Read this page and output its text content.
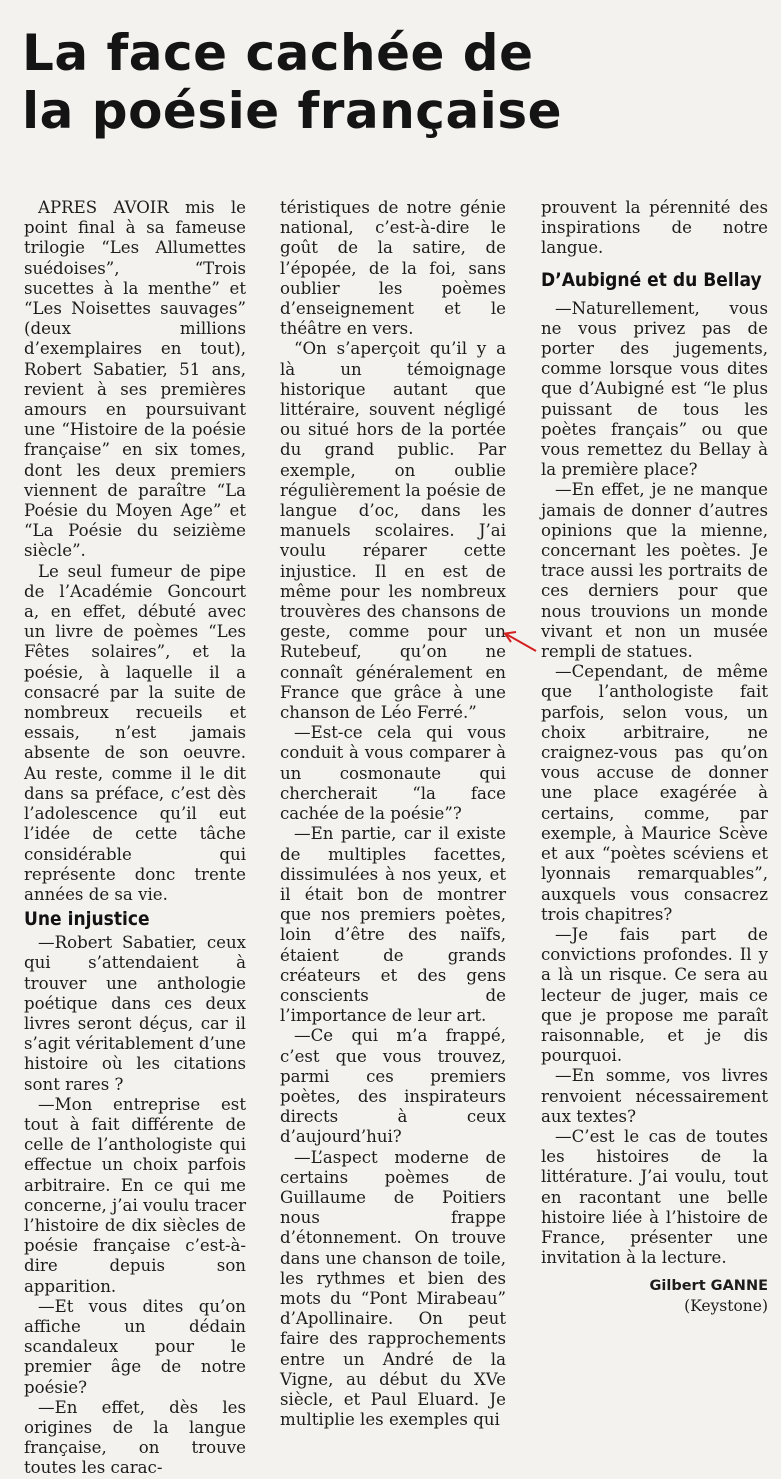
La face cachée de
la poésie française

APRES AVOIR mis le point final à sa fameuse trilogie “Les Allumettes suédoises”, “Trois sucettes à la menthe” et “Les Noisettes sauvages” (deux millions d’exemplaires en tout), Robert Sabatier, 51 ans, revient à ses premières amours en poursuivant une “Histoire de la poésie française” en six tomes, dont les deux premiers viennent de paraître “La Poésie du Moyen Age” et “La Poésie du seizième siècle”.

Le seul fumeur de pipe de l’Académie Goncourt a, en effet, débuté avec un livre de poèmes “Les Fêtes solaires”, et la poésie, à laquelle il a consacré par la suite de nombreux recueils et essais, n’est jamais absente de son oeuvre. Au reste, comme il le dit dans sa préface, c’est dès l’adolescence qu’il eut l’idée de cette tâche considérable qui représente donc trente années de sa vie.

Une injustice

—Robert Sabatier, ceux qui s’attendaient à trouver une anthologie poétique dans ces deux livres seront déçus, car il s’agit véritablement d’une histoire où les citations sont rares ?

—Mon entreprise est tout à fait différente de celle de l’anthologiste qui effectue un choix parfois arbitraire. En ce qui me concerne, j’ai voulu tracer l’histoire de dix siècles de poésie française c’est-à-dire depuis son apparition.

—Et vous dites qu’on affiche un dédain scandaleux pour le premier âge de notre poésie?

—En effet, dès les origines de la langue française, on trouve toutes les carac-

téristiques de notre génie national, c’est-à-dire le goût de la satire, de l’épopée, de la foi, sans oublier les poèmes d’enseignement et le théâtre en vers.

“On s’aperçoit qu’il y a là un témoignage historique autant que littéraire, souvent négligé ou situé hors de la portée du grand public. Par exemple, on oublie régulièrement la poésie de langue d’oc, dans les manuels scolaires. J’ai voulu réparer cette injustice. Il en est de même pour les nombreux trouvères des chansons de geste, comme pour un Rutebeuf, qu’on ne connaît généralement en France que grâce à une chanson de Léo Ferré.”

—Est-ce cela qui vous conduit à vous comparer à un cosmonaute qui chercherait “la face cachée de la poésie”?

—En partie, car il existe de multiples facettes, dissimulées à nos yeux, et il était bon de montrer que nos premiers poètes, loin d’être des naïfs, étaient de grands créateurs et des gens conscients de l’importance de leur art.

—Ce qui m’a frappé, c’est que vous trouvez, parmi ces premiers poètes, des inspirateurs directs à ceux d’aujourd’hui?

—L’aspect moderne de certains poèmes de Guillaume de Poitiers nous frappe d’étonnement. On trouve dans une chanson de toile, les rythmes et bien des mots du “Pont Mirabeau” d’Apollinaire. On peut faire des rapprochements entre un André de la Vigne, au début du XVe siècle, et Paul Eluard. Je multiplie les exemples qui

prouvent la pérennité des inspirations de notre langue.

D’Aubigné et du Bellay

—Naturellement, vous ne vous privez pas de porter des jugements, comme lorsque vous dites que d’Aubigné est “le plus puissant de tous les poètes français” ou que vous remettez du Bellay à la première place?

—En effet, je ne manque jamais de donner d’autres opinions que la mienne, concernant les poètes. Je trace aussi les portraits de ces derniers pour que nous trouvions un monde vivant et non un musée rempli de statues.

—Cependant, de même que l’anthologiste fait parfois, selon vous, un choix arbitraire, ne craignez-vous pas qu’on vous accuse de donner une place exagérée à certains, comme, par exemple, à Maurice Scève et aux “poètes scéviens et lyonnais remarquables”, auxquels vous consacrez trois chapitres?

—Je fais part de convictions profondes. Il y a là un risque. Ce sera au lecteur de juger, mais ce que je propose me paraît raisonnable, et je dis pourquoi.

—En somme, vos livres renvoient nécessairement aux textes?

—C’est le cas de toutes les histoires de la littérature. J’ai voulu, tout en racontant une belle histoire liée à l’histoire de France, présenter une invitation à la lecture.

Gilbert GANNE
(Keystone)
